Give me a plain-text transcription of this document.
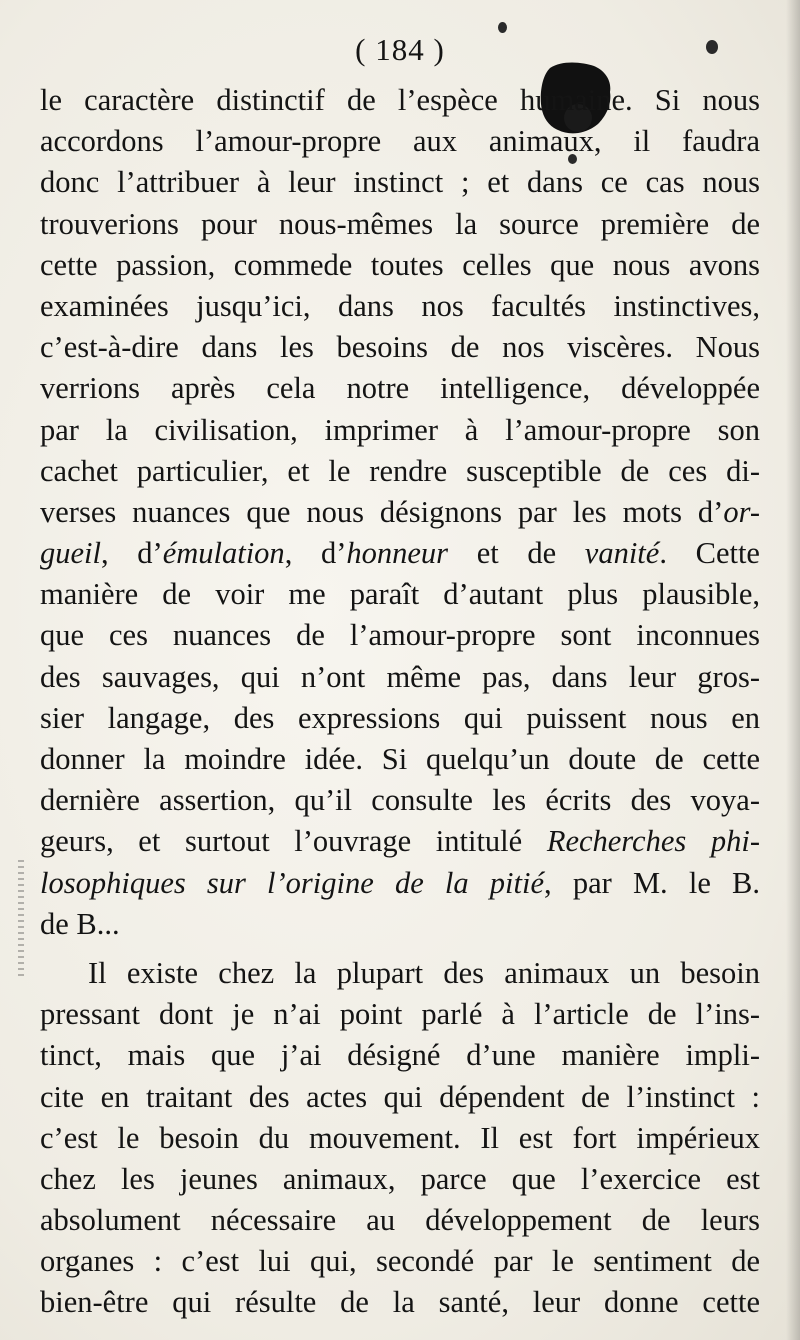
( 184 )
le caractère distinctif de l’espèce humaine. Si nous
accordons l’amour-propre aux animaux, il faudra
donc l’attribuer à leur instinct ; et dans ce cas nous
trouverions pour nous-mêmes la source première de
cette passion, commede toutes celles que nous avons
examinées jusqu’ici, dans nos facultés instinctives,
c’est-à-dire dans les besoins de nos viscères. Nous
verrions après cela notre intelligence, développée
par la civilisation, imprimer à l’amour-propre son
cachet particulier, et le rendre susceptible de ces di-
verses nuances que nous désignons par les mots d’or-
gueil, d’émulation, d’honneur et de vanité. Cette
manière de voir me paraît d’autant plus plausible,
que ces nuances de l’amour-propre sont inconnues
des sauvages, qui n’ont même pas, dans leur gros-
sier langage, des expressions qui puissent nous en
donner la moindre idée. Si quelqu’un doute de cette
dernière assertion, qu’il consulte les écrits des voya-
geurs, et surtout l’ouvrage intitulé Recherches phi-
losophiques sur l’origine de la pitié, par M. le B.
de B...
Il existe chez la plupart des animaux un besoin
pressant dont je n’ai point parlé à l’article de l’ins-
tinct, mais que j’ai désigné d’une manière impli-
cite en traitant des actes qui dépendent de l’instinct :
c’est le besoin du mouvement. Il est fort impérieux
chez les jeunes animaux, parce que l’exercice est
absolument nécessaire au développement de leurs
organes : c’est lui qui, secondé par le sentiment de
bien-être qui résulte de la santé, leur donne cette
